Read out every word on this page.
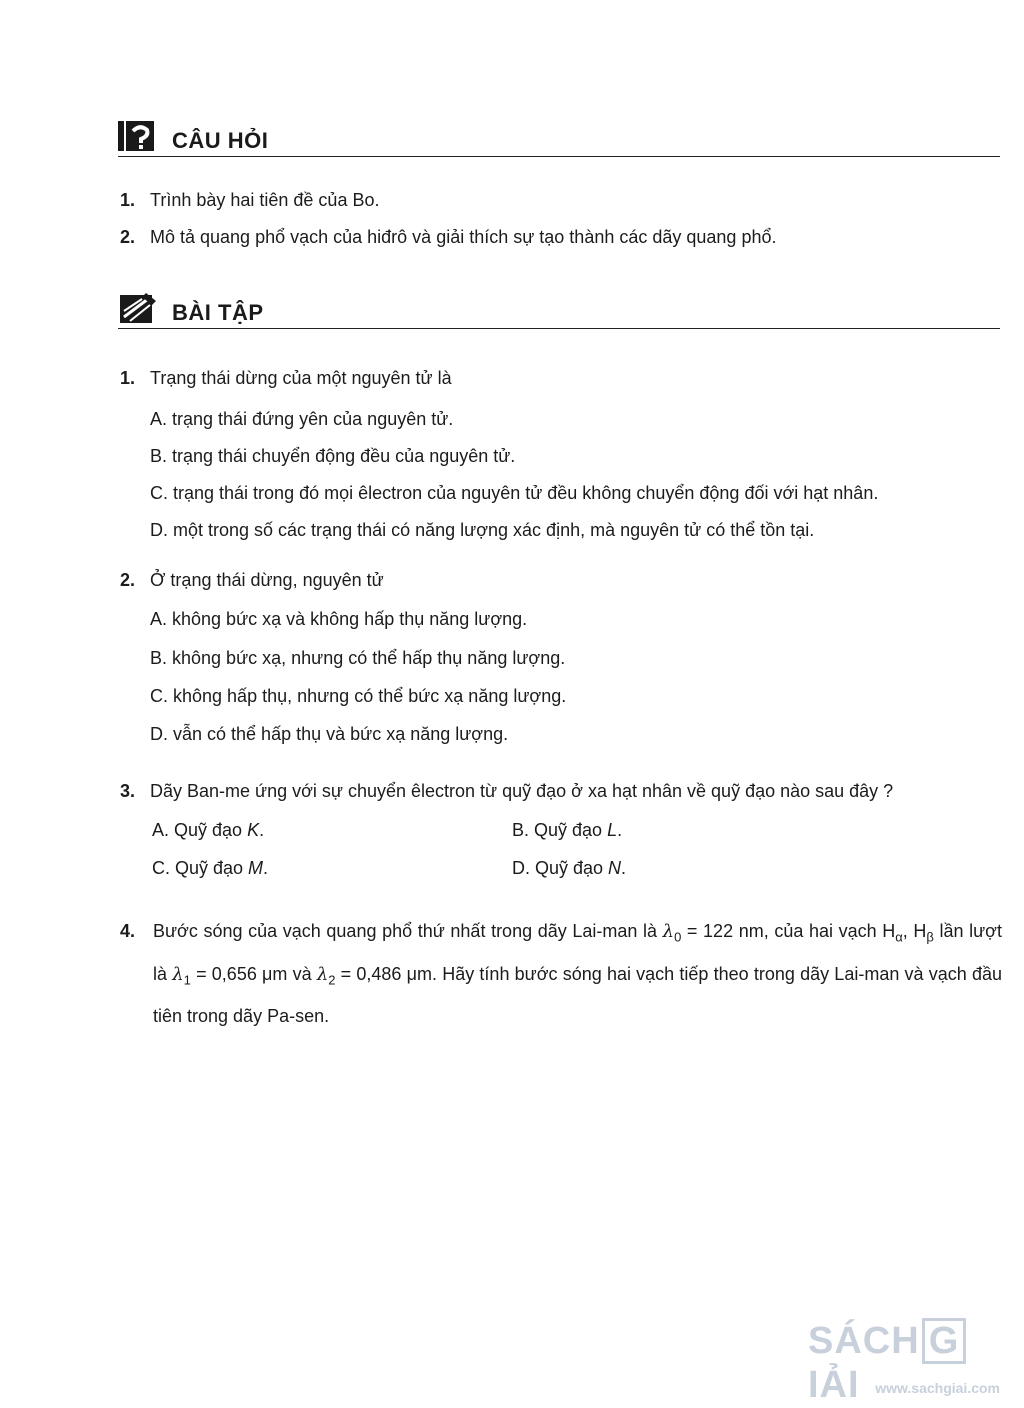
CÂU HỎI
1. Trình bày hai tiên đề của Bo.
2. Mô tả quang phổ vạch của hiđrô và giải thích sự tạo thành các dãy quang phổ.
BÀI TẬP
1. Trạng thái dừng của một nguyên tử là
A. trạng thái đứng yên của nguyên tử.
B. trạng thái chuyển động đều của nguyên tử.
C. trạng thái trong đó mọi êlectron của nguyên tử đều không chuyển động đối với hạt nhân.
D. một trong số các trạng thái có năng lượng xác định, mà nguyên tử có thể tồn tại.
2. Ở trạng thái dừng, nguyên tử
A. không bức xạ và không hấp thụ năng lượng.
B. không bức xạ, nhưng có thể hấp thụ năng lượng.
C. không hấp thụ, nhưng có thể bức xạ năng lượng.
D. vẫn có thể hấp thụ và bức xạ năng lượng.
3. Dãy Ban-me ứng với sự chuyển êlectron từ quỹ đạo ở xa hạt nhân về quỹ đạo nào sau đây ?
A. Quỹ đạo K.	B. Quỹ đạo L.
C. Quỹ đạo M.	D. Quỹ đạo N.
4. Bước sóng của vạch quang phổ thứ nhất trong dãy Lai-man là $\lambda_0 = 122$ nm, của hai vạch $H_\alpha$, $H_\beta$ lần lượt là $\lambda_1 = 0,656$ μm và $\lambda_2 = 0,486$ μm. Hãy tính bước sóng hai vạch tiếp theo trong dãy Lai-man và vạch đầu tiên trong dãy Pa-sen.
SÁCH GIẢI	www.sachgiai.com
